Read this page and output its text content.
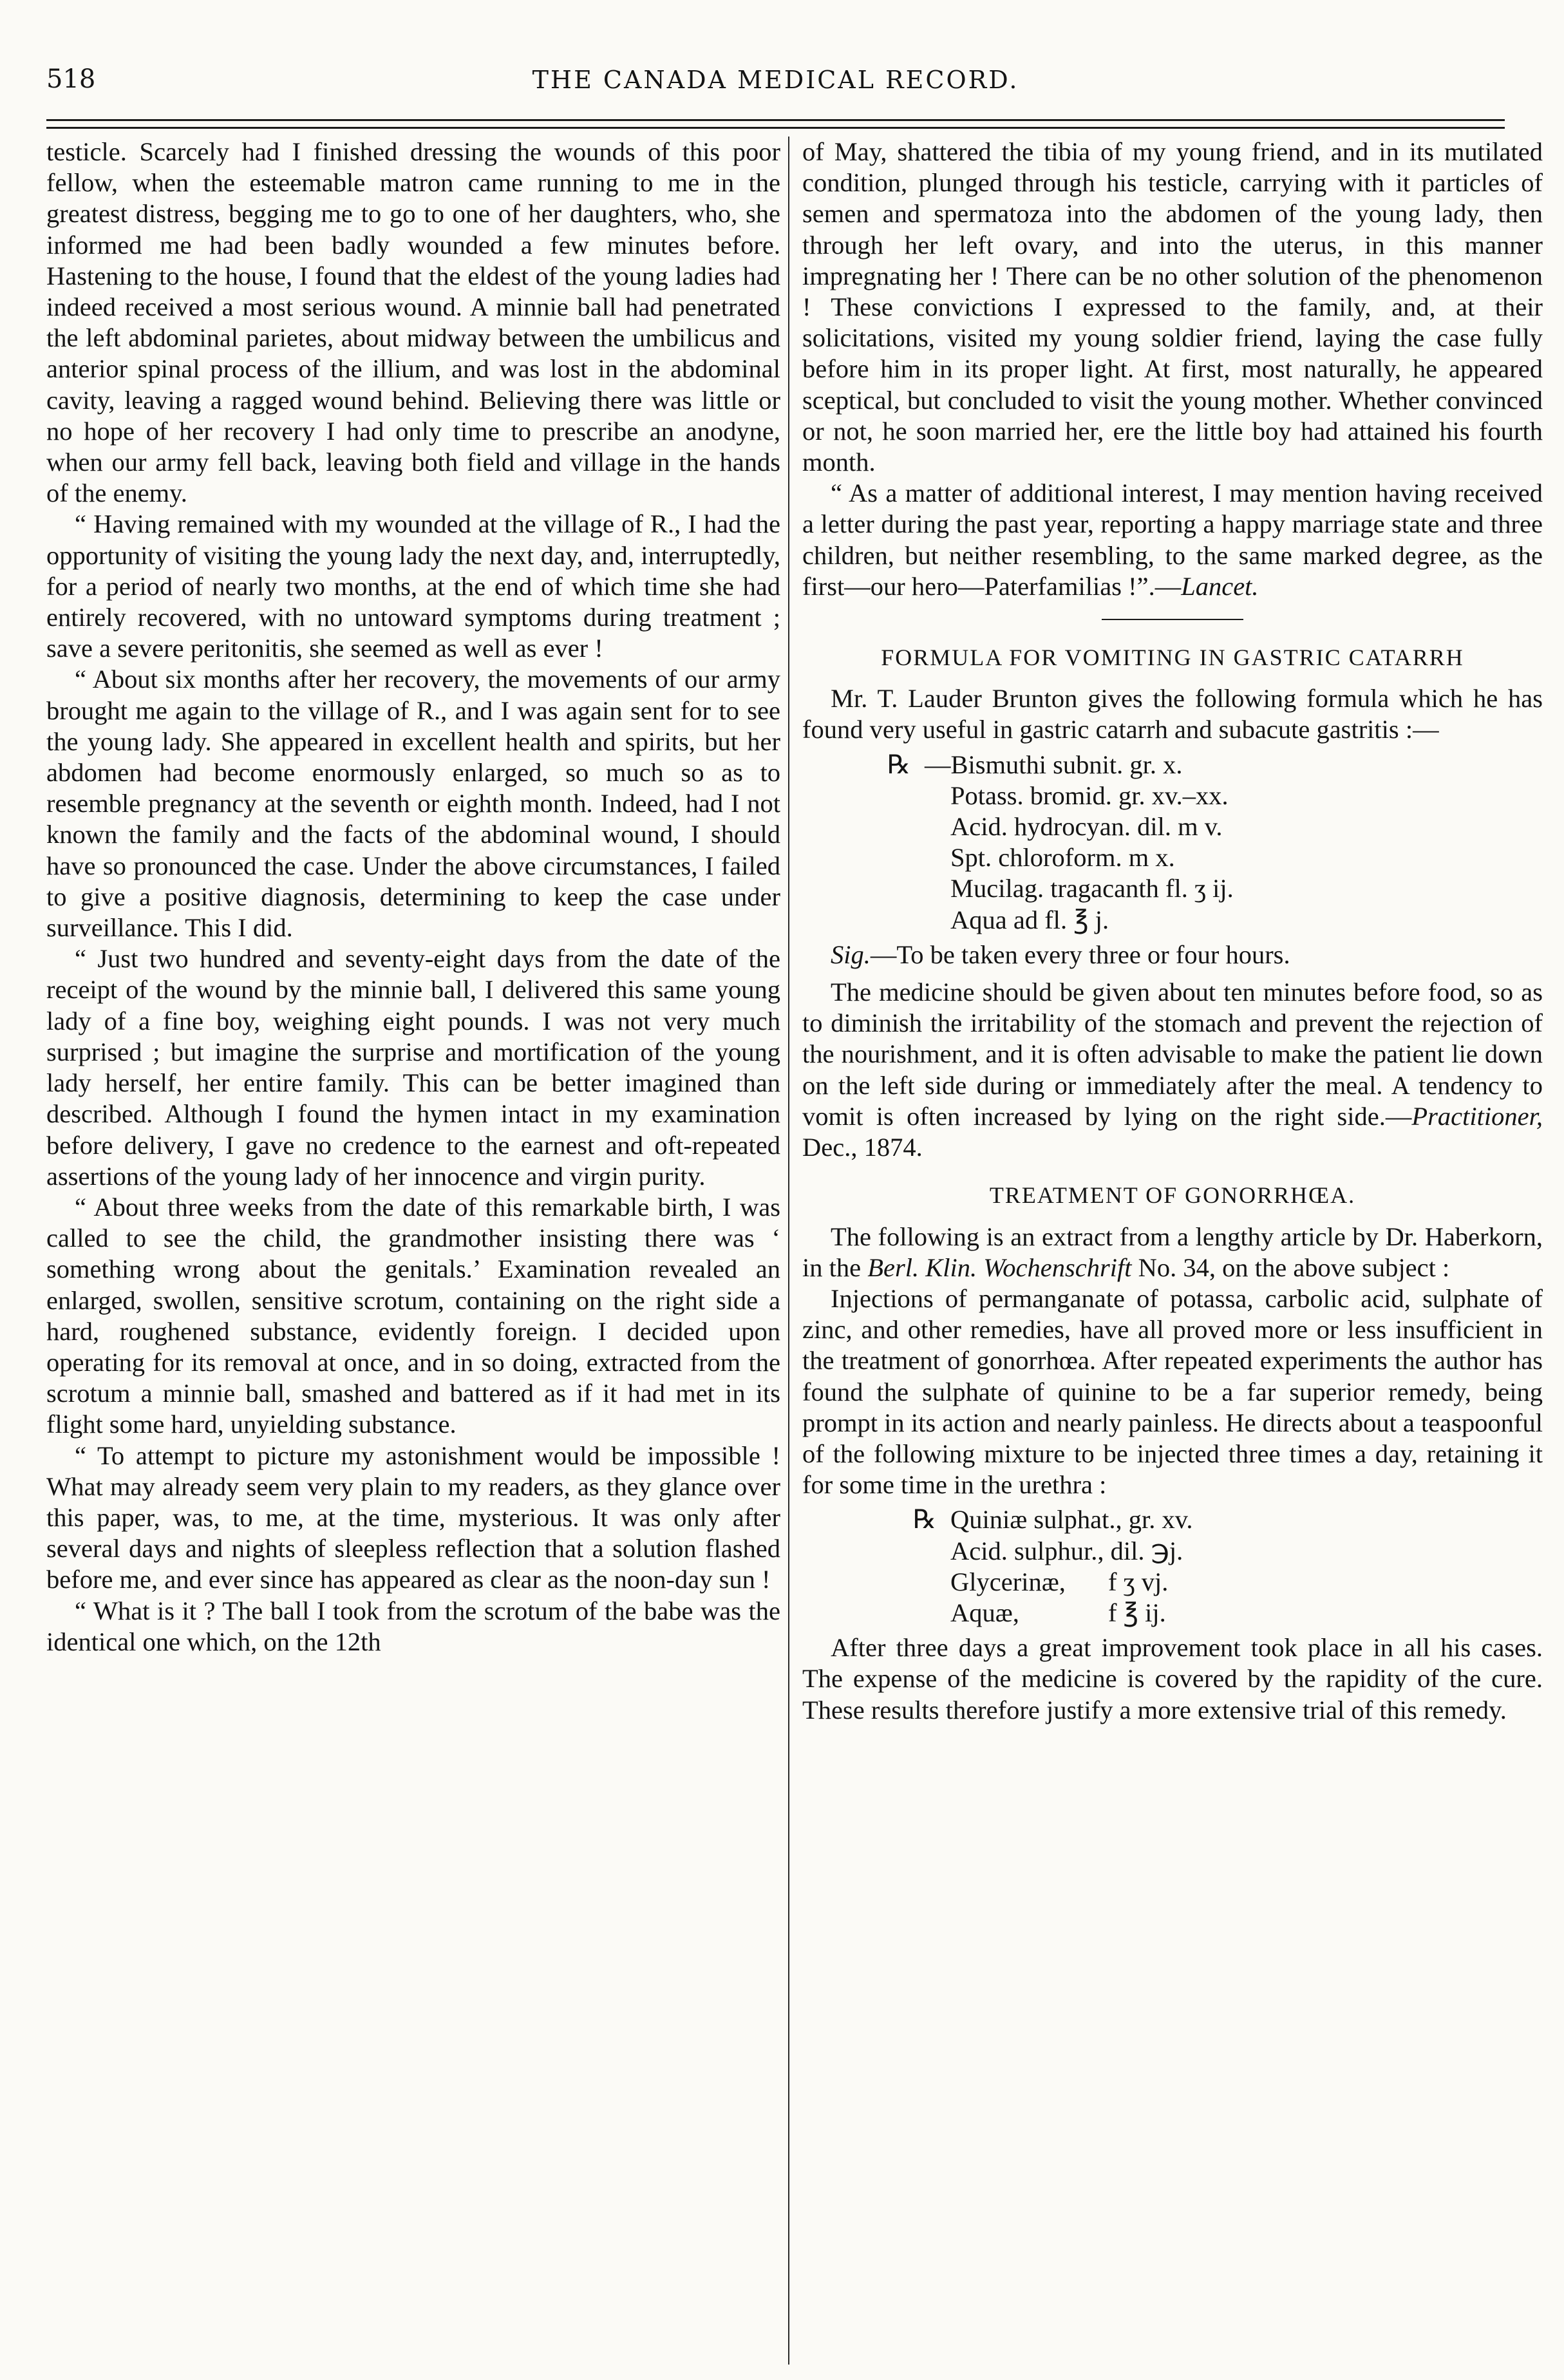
518	THE CANADA MEDICAL RECORD.

testicle. Scarcely had I finished dressing the wounds of this poor fellow, when the esteemable matron came running to me in the greatest distress, begging me to go to one of her daughters, who, she informed me had been badly wounded a few minutes before. Hastening to the house, I found that the eldest of the young ladies had indeed received a most serious wound. A minnie ball had penetrated the left abdominal parietes, about midway between the umbilicus and anterior spinal process of the illium, and was lost in the abdominal cavity, leaving a ragged wound behind. Believing there was little or no hope of her recovery I had only time to prescribe an anodyne, when our army fell back, leaving both field and village in the hands of the enemy.

“ Having remained with my wounded at the village of R., I had the opportunity of visiting the young lady the next day, and, interruptedly, for a period of nearly two months, at the end of which time she had entirely recovered, with no untoward symptoms during treatment ; save a severe peritonitis, she seemed as well as ever !

“ About six months after her recovery, the movements of our army brought me again to the village of R., and I was again sent for to see the young lady. She appeared in excellent health and spirits, but her abdomen had become enormously enlarged, so much so as to resemble pregnancy at the seventh or eighth month. Indeed, had I not known the family and the facts of the abdominal wound, I should have so pronounced the case. Under the above circumstances, I failed to give a positive diagnosis, determining to keep the case under surveillance. This I did.

“ Just two hundred and seventy-eight days from the date of the receipt of the wound by the minnie ball, I delivered this same young lady of a fine boy, weighing eight pounds. I was not very much surprised ; but imagine the surprise and mortification of the young lady herself, her entire family. This can be better imagined than described. Although I found the hymen intact in my examination before delivery, I gave no credence to the earnest and oft-repeated assertions of the young lady of her innocence and virgin purity.

“ About three weeks from the date of this remarkable birth, I was called to see the child, the grandmother insisting there was ‘ something wrong about the genitals.’ Examination revealed an enlarged, swollen, sensitive scrotum, containing on the right side a hard, roughened substance, evidently foreign. I decided upon operating for its removal at once, and in so doing, extracted from the scrotum a minnie ball, smashed and battered as if it had met in its flight some hard, unyielding substance.

“ To attempt to picture my astonishment would be impossible ! What may already seem very plain to my readers, as they glance over this paper, was, to me, at the time, mysterious. It was only after several days and nights of sleepless reflection that a solution flashed before me, and ever since has appeared as clear as the noon-day sun !

“ What is it ? The ball I took from the scrotum of the babe was the identical one which, on the 12th

of May, shattered the tibia of my young friend, and in its mutilated condition, plunged through his testicle, carrying with it particles of semen and spermatoza into the abdomen of the young lady, then through her left ovary, and into the uterus, in this manner impregnating her ! There can be no other solution of the phenomenon ! These convictions I expressed to the family, and, at their solicitations, visited my young soldier friend, laying the case fully before him in its proper light. At first, most naturally, he appeared sceptical, but concluded to visit the young mother. Whether convinced or not, he soon married her, ere the little boy had attained his fourth month.

“ As a matter of additional interest, I may mention having received a letter during the past year, reporting a happy marriage state and three children, but neither resembling, to the same marked degree, as the first—our hero—Paterfamilias !”.—Lancet.

FORMULA FOR VOMITING IN GASTRIC CATARRH

Mr. T. Lauder Brunton gives the following formula which he has found very useful in gastric catarrh and subacute gastritis :—

℞ —Bismuthi subnit. gr. x.
Potass. bromid. gr. xv.–xx.
Acid. hydrocyan. dil. m v.
Spt. chloroform. m x.
Mucilag. tragacanth fl. ʒ ij.
Aqua ad fl. ℥ j.

Sig.—To be taken every three or four hours.

The medicine should be given about ten minutes before food, so as to diminish the irritability of the stomach and prevent the rejection of the nourishment, and it is often advisable to make the patient lie down on the left side during or immediately after the meal. A tendency to vomit is often increased by lying on the right side.—Practitioner, Dec., 1874.

TREATMENT OF GONORRHŒA.

The following is an extract from a lengthy article by Dr. Haberkorn, in the Berl. Klin. Wochenschrift No. 34, on the above subject :

Injections of permanganate of potassa, carbolic acid, sulphate of zinc, and other remedies, have all proved more or less insufficient in the treatment of gonorrhœa. After repeated experiments the author has found the sulphate of quinine to be a far superior remedy, being prompt in its action and nearly painless. He directs about a teaspoonful of the following mixture to be injected three times a day, retaining it for some time in the urethra :

℞ Quiniæ sulphat., gr. xv.
Acid. sulphur., dil. ℈j.
Glycerinæ,	f ʒ vj.
Aquæ,	f ℥ ij.

After three days a great improvement took place in all his cases. The expense of the medicine is covered by the rapidity of the cure. These results therefore justify a more extensive trial of this remedy.
